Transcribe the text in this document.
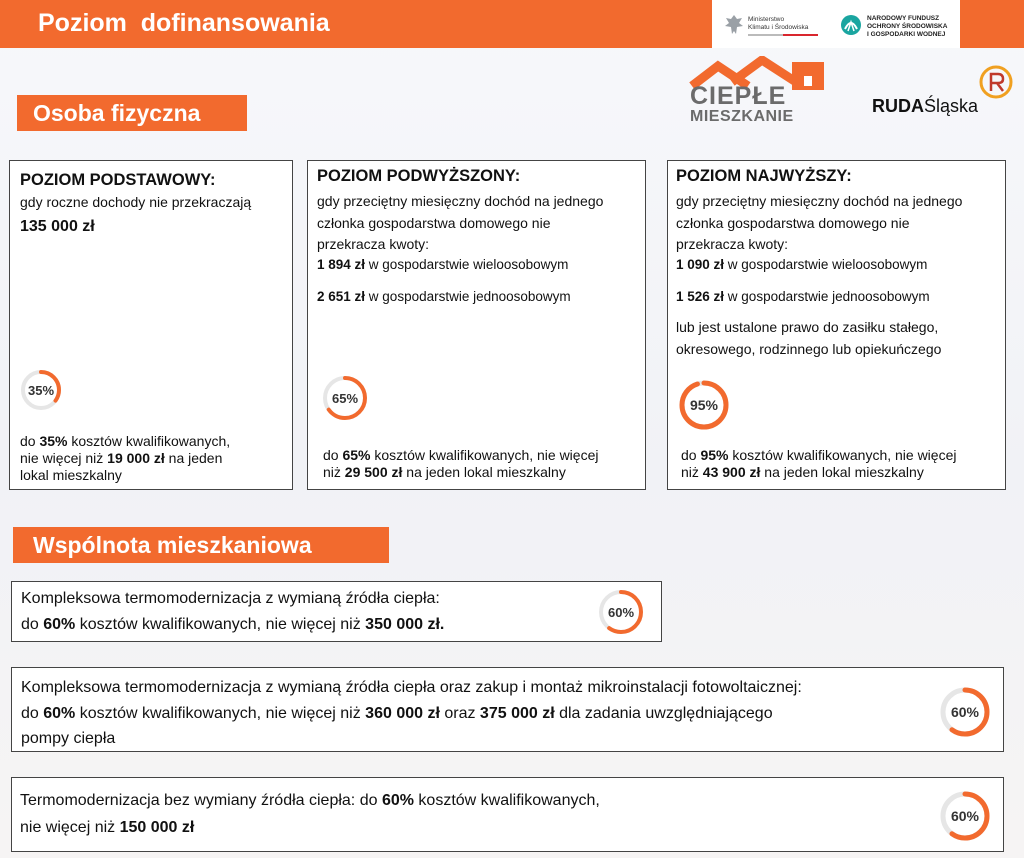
Poziom  dofinansowania	Ministerstwo
Klimatu i Środowiska
NARODOWY FUNDUSZ
OCHRONY ŚRODOWISKA
I GOSPODARKI WODNEJ
CIEPŁE
MIESZKANIE
RUDAŚląska
Osoba fizyczna
POZIOM PODSTAWOWY:
gdy roczne dochody nie przekraczają
135 000 zł
35%
do 35% kosztów kwalifikowanych,
nie więcej niż 19 000 zł na jeden
lokal mieszkalny
POZIOM PODWYŻSZONY:
gdy przeciętny miesięczny dochód na jednego
członka gospodarstwa domowego nie
przekracza kwoty:
1 894 zł w gospodarstwie wieloosobowym
2 651 zł w gospodarstwie jednoosobowym
65%
do 65% kosztów kwalifikowanych, nie więcej
niż 29 500 zł na jeden lokal mieszkalny
POZIOM NAJWYŻSZY:
gdy przeciętny miesięczny dochód na jednego
członka gospodarstwa domowego nie
przekracza kwoty:
1 090 zł w gospodarstwie wieloosobowym
1 526 zł w gospodarstwie jednoosobowym
lub jest ustalone prawo do zasiłku stałego,
okresowego, rodzinnego lub opiekuńczego
95%
do 95% kosztów kwalifikowanych, nie więcej
niż 43 900 zł na jeden lokal mieszkalny
Wspólnota mieszkaniowa
Kompleksowa termomodernizacja z wymianą źródła ciepła:
do 60% kosztów kwalifikowanych, nie więcej niż 350 000 zł.
60%
Kompleksowa termomodernizacja z wymianą źródła ciepła oraz zakup i montaż mikroinstalacji fotowoltaicznej:
do 60% kosztów kwalifikowanych, nie więcej niż 360 000 zł oraz 375 000 zł dla zadania uwzględniającego
pompy ciepła
60%
Termomodernizacja bez wymiany źródła ciepła: do 60% kosztów kwalifikowanych,
nie więcej niż 150 000 zł
60%
